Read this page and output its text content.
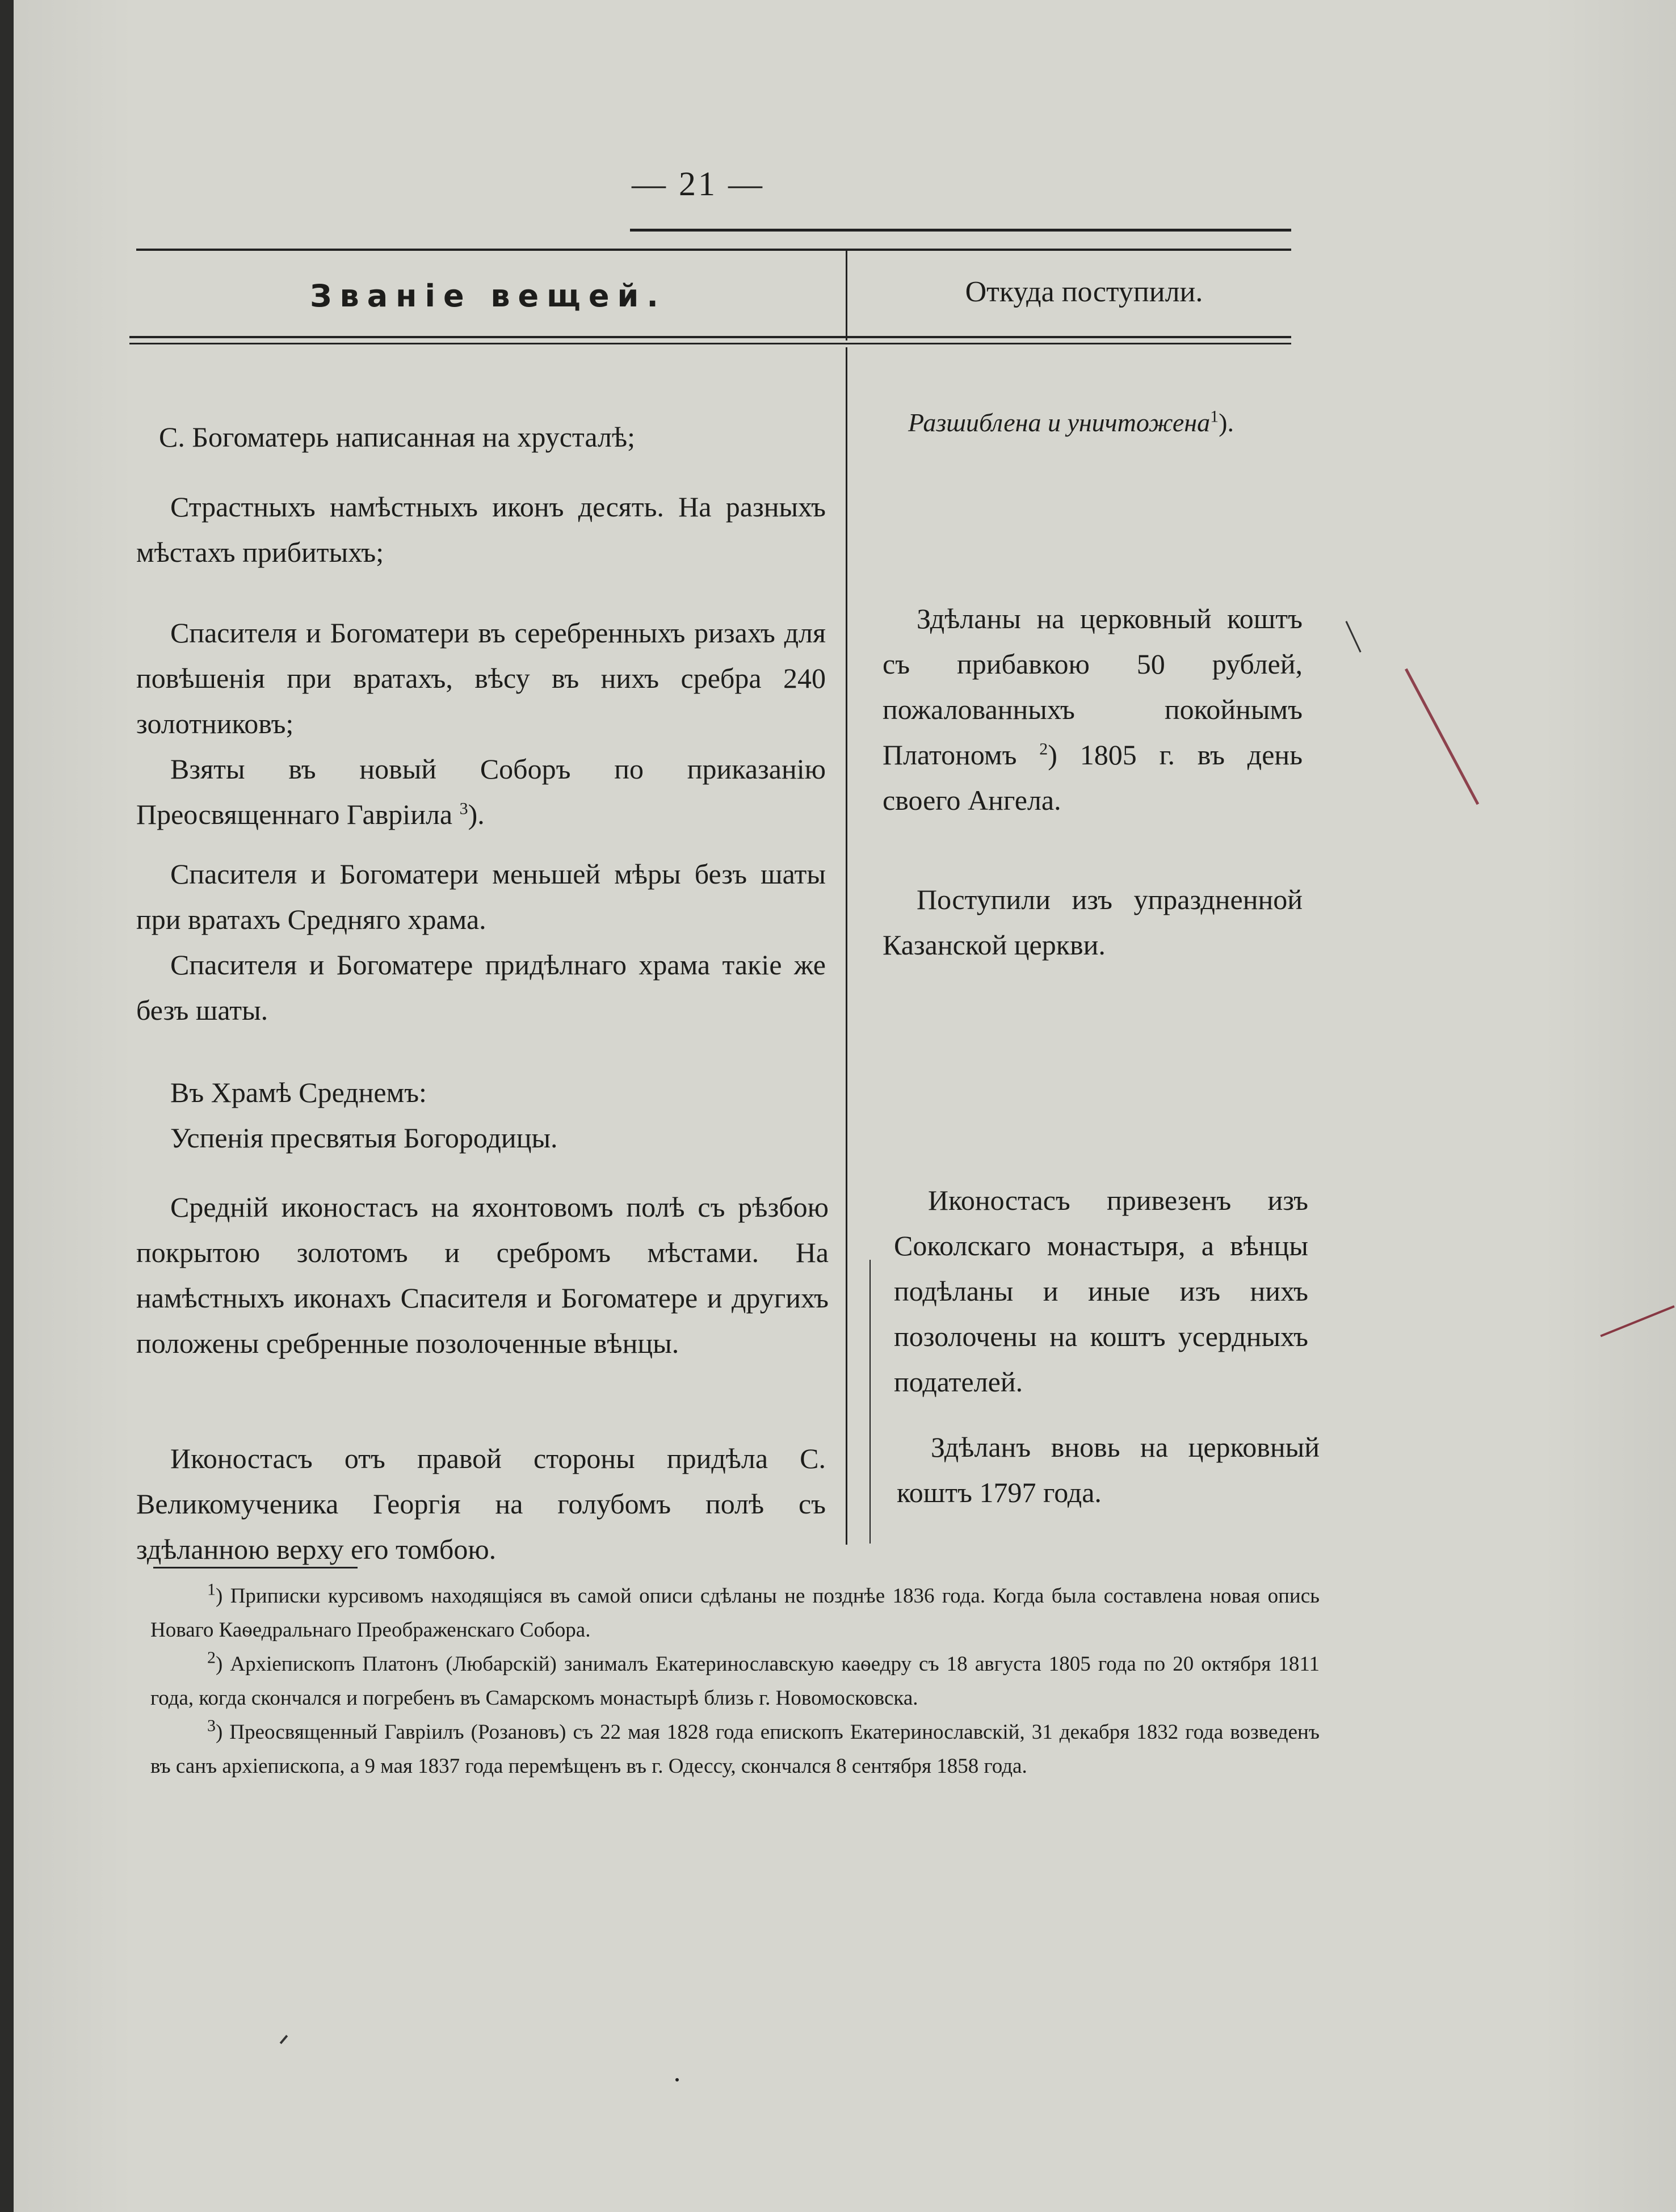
— 21 —
Званіе вещей.	Откуда поступили.

С. Богоматерь написанная на хрусталѣ;	Разшиблена и уничтожена$^1$).

Страстныхъ намѣстныхъ иконъ десять. На разныхъ мѣстахъ прибитыхъ;

Спасителя и Богоматери въ серебренныхъ ризахъ для повѣшенія при вратахъ, вѣсу въ нихъ сребра 240 золотниковъ;

Взяты въ новый Соборъ по приказанію Преосвященнаго Гавріила $^3$).

Здѣланы на церковный коштъ съ прибавкою 50 рублей, пожалованныхъ покойнымъ Платономъ $^2$) 1805 г. въ день своего Ангела.

Спасителя и Богоматери меньшей мѣры безъ шаты при вратахъ Средняго храма.

Спасителя и Богоматере придѣлнаго храма такіе же безъ шаты.

Поступили изъ упраздненной Казанской церкви.

Въ Храмѣ Среднемъ:

Успенія пресвятыя Богородицы.

Средній иконостасъ на яхонтовомъ полѣ съ рѣзбою покрытою золотомъ и сребромъ мѣстами. На намѣстныхъ иконахъ Спасителя и Богоматере и другихъ положены сребренные позолоченные вѣнцы.

Иконостасъ привезенъ изъ Соколскаго монастыря, а вѣнцы подѣланы и иные изъ нихъ позолочены на коштъ усердныхъ подателей.

Иконостасъ отъ правой стороны придѣла С. Великомученика Георгія на голубомъ полѣ съ здѣланною верху его томбою.

Здѣланъ вновь на церковный коштъ 1797 года.

$^1$) Приписки курсивомъ находящіяся въ самой описи сдѣланы не позднѣе 1836 года. Когда была составлена новая опись Новаго Каѳедральнаго Преображенскаго Собора.

$^2$) Архіепископъ Платонъ (Любарскій) занималъ Екатеринославскую каѳедру съ 18 августа 1805 года по 20 октября 1811 года, когда скончался и погребенъ въ Самарскомъ монастырѣ близь г. Новомосковска.

$^3$) Преосвященный Гавріилъ (Розановъ) съ 22 мая 1828 года епископъ Екатеринославскій, 31 декабря 1832 года возведенъ въ санъ архіепископа, а 9 мая 1837 года перемѣщенъ въ г. Одессу, скончался 8 сентября 1858 года.
